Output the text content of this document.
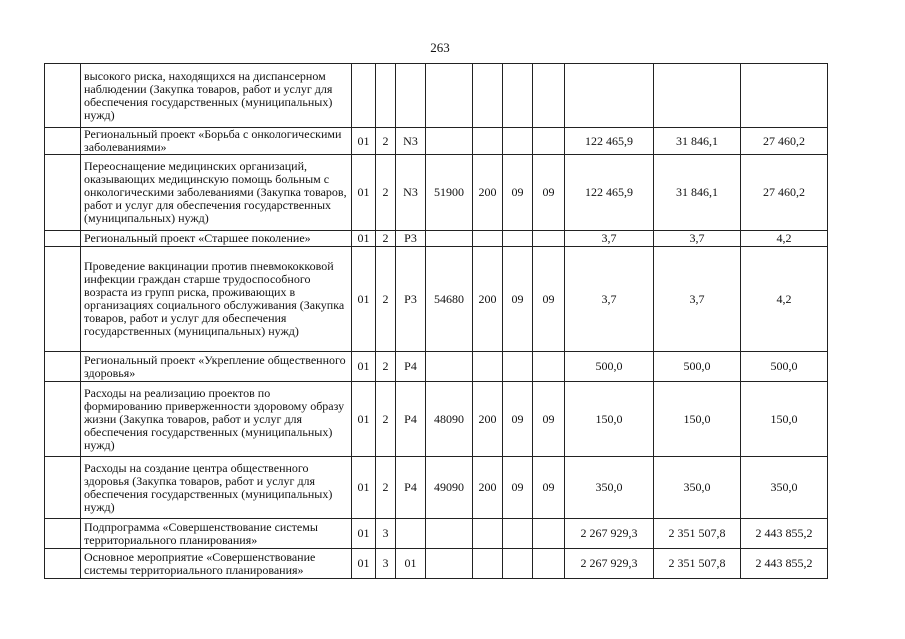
263
	высокого риска, находящихся на диспансерном наблюдении (Закупка товаров, работ и услуг для обеспечения государственных (муниципальных) нужд)										
	Региональный проект «Борьба с онкологическими заболеваниями»	01	2	N3					122 465,9	31 846,1	27 460,2
	Переоснащение медицинских организаций, оказывающих медицинскую помощь больным с онкологическими заболеваниями (Закупка товаров, работ и услуг для обеспечения государственных (муниципальных) нужд)	01	2	N3	51900	200	09	09	122 465,9	31 846,1	27 460,2
	Региональный проект «Старшее поколение»	01	2	P3					3,7	3,7	4,2
	Проведение вакцинации против пневмококковой инфекции граждан старше трудоспособного возраста из групп риска, проживающих в организациях социального обслуживания (Закупка товаров, работ и услуг для обеспечения государственных (муниципальных) нужд)	01	2	P3	54680	200	09	09	3,7	3,7	4,2
	Региональный проект «Укрепление общественного здоровья»	01	2	P4					500,0	500,0	500,0
	Расходы на реализацию проектов по формированию приверженности здоровому образу жизни (Закупка товаров, работ и услуг для обеспечения государственных (муниципальных) нужд)	01	2	P4	48090	200	09	09	150,0	150,0	150,0
	Расходы на создание центра общественного здоровья (Закупка товаров, работ и услуг для обеспечения государственных (муниципальных) нужд)	01	2	P4	49090	200	09	09	350,0	350,0	350,0
	Подпрограмма «Совершенствование системы территориального планирования»	01	3						2 267 929,3	2 351 507,8	2 443 855,2
	Основное мероприятие «Совершенствование системы территориального планирования»	01	3	01					2 267 929,3	2 351 507,8	2 443 855,2
